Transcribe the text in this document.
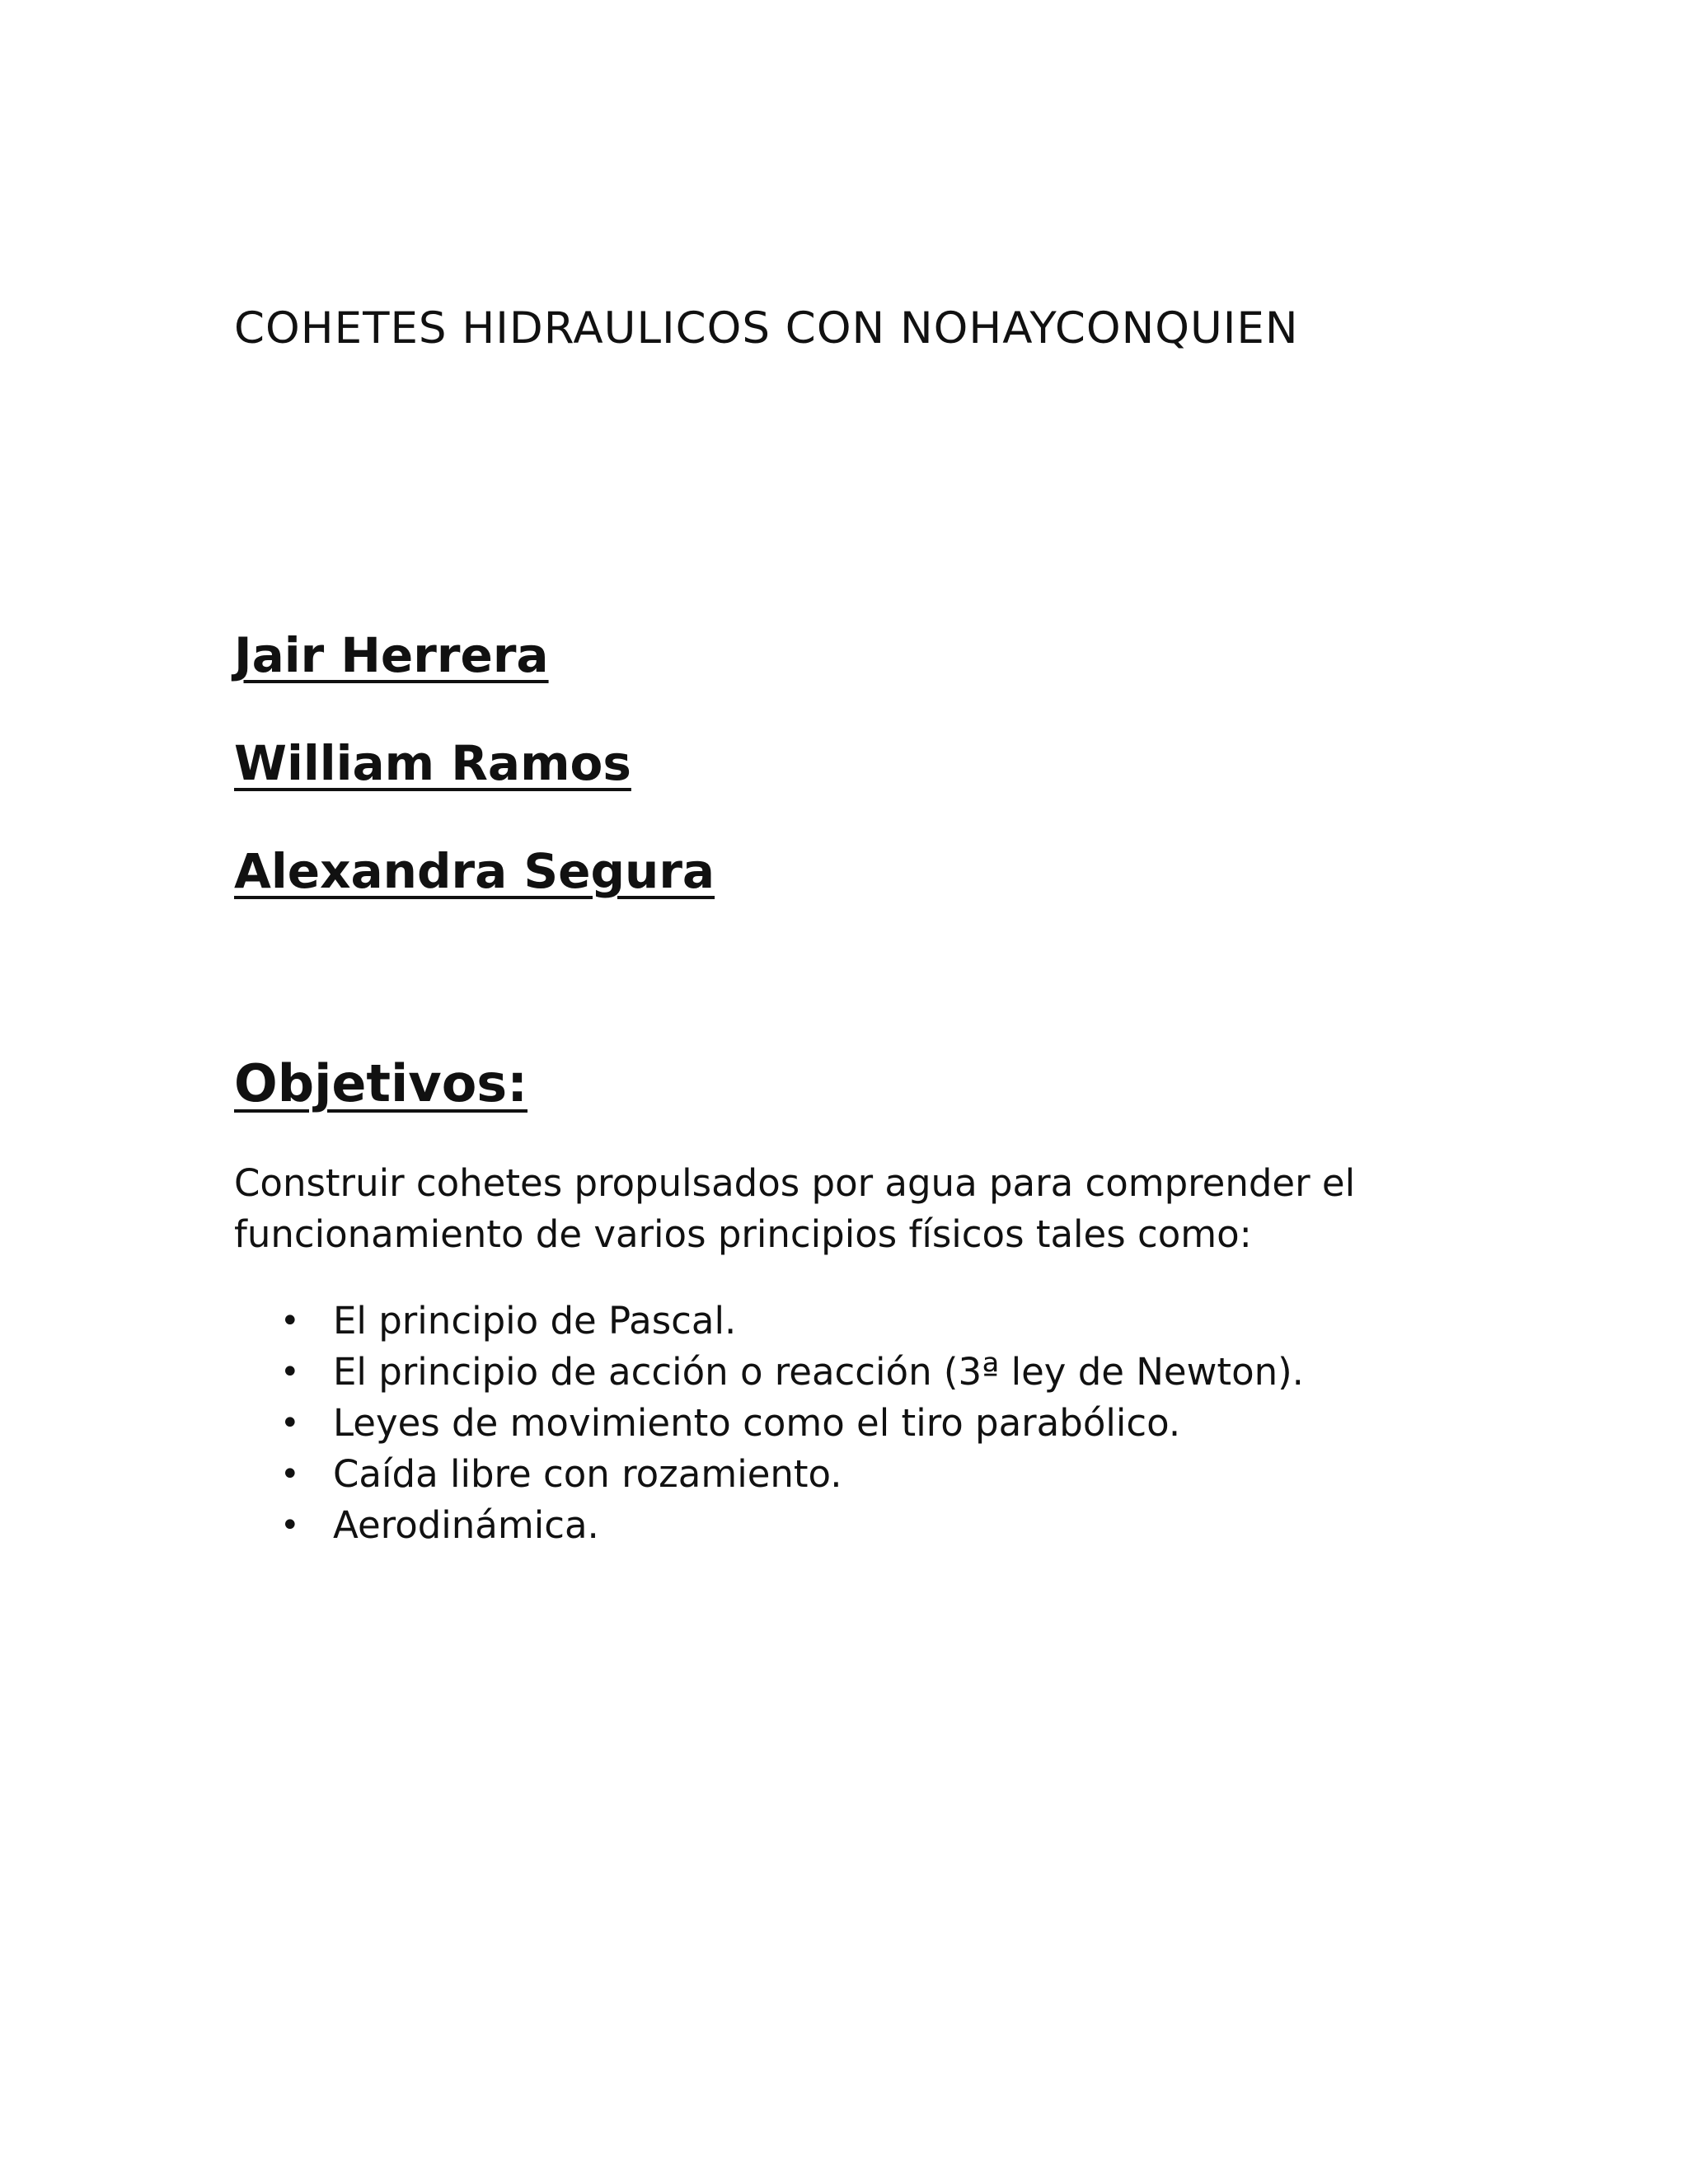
COHETES HIDRAULICOS CON NOHAYCONQUIEN
Jair Herrera
William Ramos
Alexandra Segura
Objetivos:

Construir cohetes propulsados por agua para comprender el funcionamiento de varios principios físicos tales como:

• El principio de Pascal.
• El principio de acción o reacción (3ª ley de Newton).
• Leyes de movimiento como el tiro parabólico.
• Caída libre con rozamiento.
• Aerodinámica.
